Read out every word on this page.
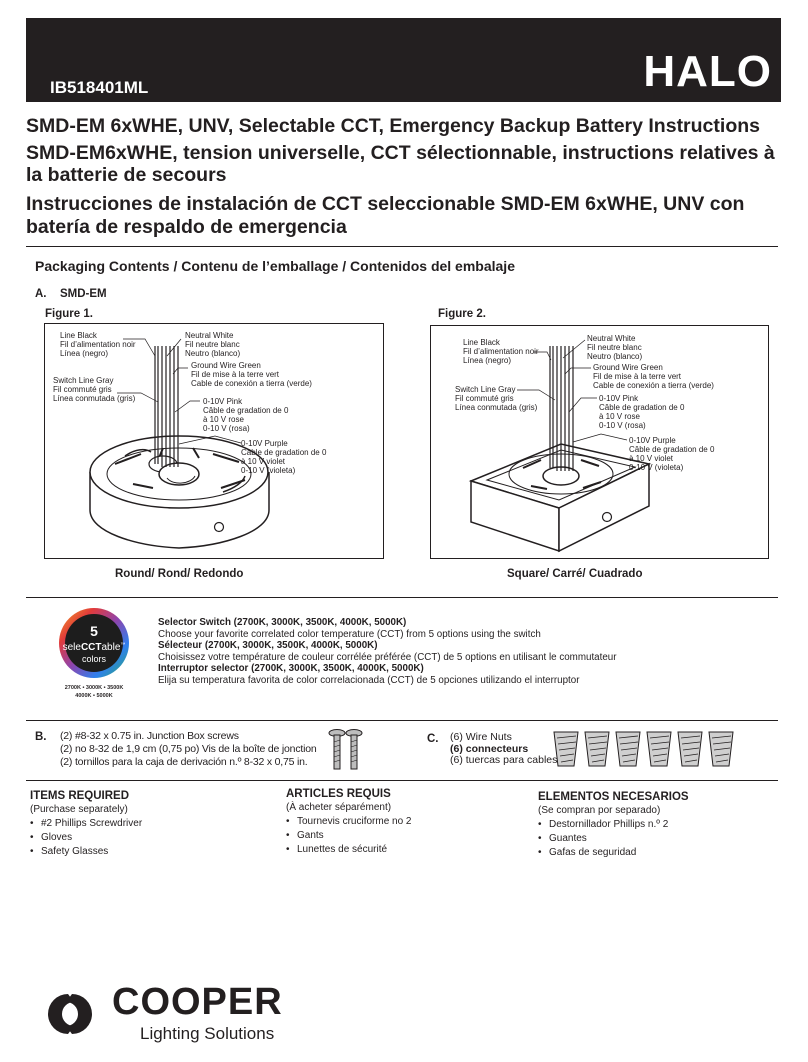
IB518401ML	HALO
SMD-EM 6xWHE, UNV, Selectable CCT, Emergency Backup Battery Instructions
SMD-EM6xWHE, tension universelle, CCT sélectionnable, instructions relatives à
la batterie de secours
Instrucciones de instalación de CCT seleccionable SMD-EM 6xWHE, UNV con
batería de respaldo de emergencia
Packaging Contents / Contenu de l’emballage / Contenidos del embalaje
A. SMD-EM
Figure 1.
Line Black Fil d’alimentation noir Línea (negro)
Neutral White Fil neutre blanc Neutro (blanco)
Ground Wire Green Fil de mise à la terre vert Cable de conexión a tierra (verde)
Switch Line Gray Fil commuté gris Línea conmutada (gris)	0-10V Pink Câble de gradation de 0 à 10 V rose 0-10 V (rosa)
0-10V Purple Câble de gradation de 0 à 10 V violet 0-10 V (violeta)
Round/ Rond/ Redondo
Figure 2.
Line Black Fil d’alimentation noir Línea (negro)
Neutral White Fil neutre blanc Neutro (blanco)
Ground Wire Green Fil de mise à la terre vert Cable de conexión a tierra (verde)
Switch Line Gray Fil commuté gris Línea conmutada (gris)
0-10V Pink Câble de gradation de 0 à 10 V rose 0-10 V (rosa)
0-10V Purple Câble de gradation de 0 à 10 V violet 0-10 V (violeta)
Square/ Carré/ Cuadrado
5
seleCCTable™
colors
2700K • 3000K • 3500K
4000K • 5000K
Selector Switch (2700K, 3000K, 3500K, 4000K, 5000K)
Choose your favorite correlated color temperature (CCT) from 5 options using the switch
Sélecteur (2700K, 3000K, 3500K, 4000K, 5000K)
Choisissez votre température de couleur corrélée préférée (CCT) de 5 options en utilisant le commutateur
Interruptor selector (2700K, 3000K, 3500K, 4000K, 5000K)
Elija su temperatura favorita de color correlacionada (CCT) de 5 opciones utilizando el interruptor
B. (2) #8-32 x 0.75 in. Junction Box screws
(2) no 8-32 de 1,9 cm (0,75 po) Vis de la boîte de jonction
(2) tornillos para la caja de derivación n.º 8-32 x 0,75 in.
C. (6) Wire Nuts
(6) connecteurs
(6) tuercas para cables
ITEMS REQUIRED
(Purchase separately)
• #2 Phillips Screwdriver
• Gloves
• Safety Glasses
ARTICLES REQUIS
(À acheter séparément)
• Tournevis cruciforme no 2
• Gants
• Lunettes de sécurité
ELEMENTOS NECESARIOS
(Se compran por separado)
• Destornillador Phillips n.º 2
• Guantes
• Gafas de seguridad
COOPER
Lighting Solutions
